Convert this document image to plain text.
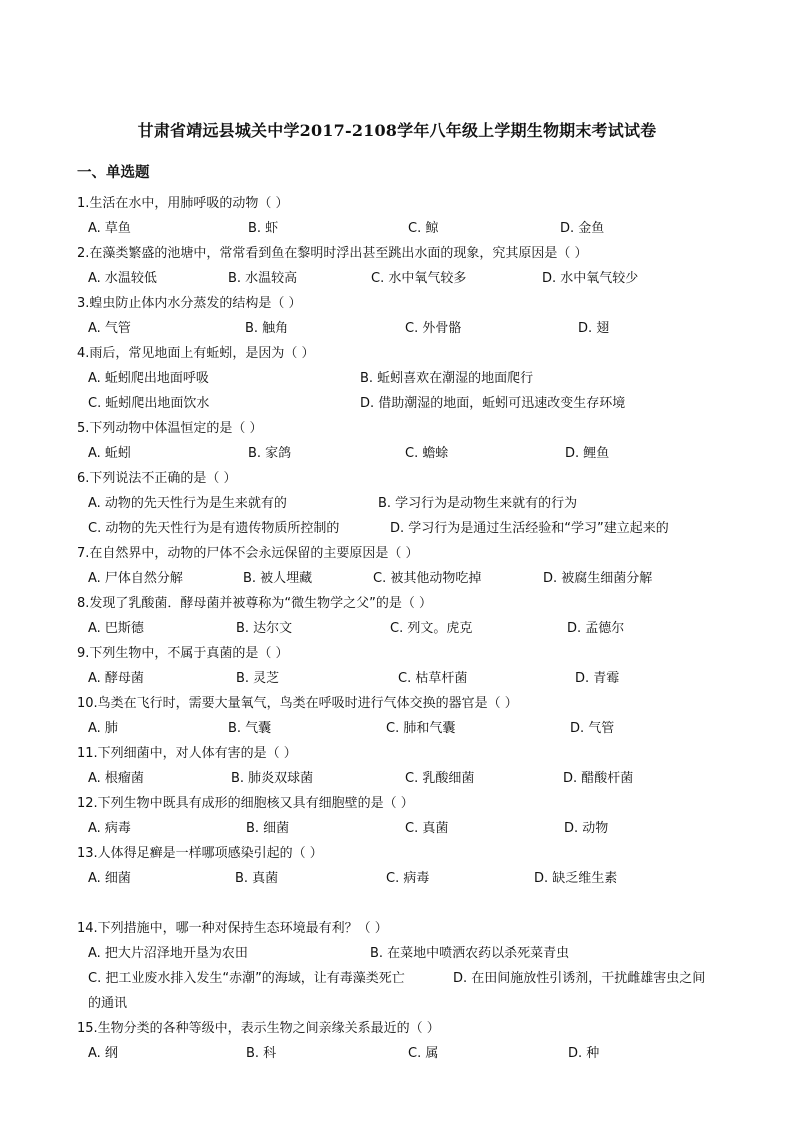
甘肃省靖远县城关中学2017-2108学年八年级上学期生物期末考试试卷
一、单选题
1.生活在水中，用肺呼吸的动物（ ）
A. 草鱼	B. 虾	C. 鲸	D. 金鱼
2.在藻类繁盛的池塘中，常常看到鱼在黎明时浮出甚至跳出水面的现象，究其原因是（ ）
A. 水温较低	B. 水温较高	C. 水中氧气较多	D. 水中氧气较少
3.蝗虫防止体内水分蒸发的结构是（ ）
A. 气管	B. 触角	C. 外骨骼	D. 翅
4.雨后，常见地面上有蚯蚓，是因为（ ）
A. 蚯蚓爬出地面呼吸	B. 蚯蚓喜欢在潮湿的地面爬行
C. 蚯蚓爬出地面饮水	D. 借助潮湿的地面，蚯蚓可迅速改变生存环境
5.下列动物中体温恒定的是（ ）
A. 蚯蚓	B. 家鸽	C. 蟾蜍	D. 鲤鱼
6.下列说法不正确的是（ ）
A. 动物的先天性行为是生来就有的	B. 学习行为是动物生来就有的行为
C. 动物的先天性行为是有遗传物质所控制的	D. 学习行为是通过生活经验和“学习”建立起来的
7.在自然界中，动物的尸体不会永远保留的主要原因是（ ）
A. 尸体自然分解	B. 被人埋藏	C. 被其他动物吃掉	D. 被腐生细菌分解
8.发现了乳酸菌．酵母菌并被尊称为“微生物学之父”的是（ ）
A. 巴斯德	B. 达尔文	C. 列文。虎克	D. 孟德尔
9.下列生物中，不属于真菌的是（ ）
A. 酵母菌	B. 灵芝	C. 枯草杆菌	D. 青霉
10.鸟类在飞行时，需要大量氧气，鸟类在呼吸时进行气体交换的器官是（ ）
A. 肺	B. 气囊	C. 肺和气囊	D. 气管
11.下列细菌中，对人体有害的是（ ）
A. 根瘤菌	B. 肺炎双球菌	C. 乳酸细菌	D. 醋酸杆菌
12.下列生物中既具有成形的细胞核又具有细胞壁的是（ ）
A. 病毒	B. 细菌	C. 真菌	D. 动物
13.人体得足癣是一样哪项感染引起的（ ）
A. 细菌	B. 真菌	C. 病毒	D. 缺乏维生素
14.下列措施中，哪一种对保持生态环境最有利？（ ）
A. 把大片沼泽地开垦为农田	B. 在菜地中喷洒农药以杀死菜青虫
C. 把工业废水排入发生“赤潮”的海域，让有毒藻类死亡	D. 在田间施放性引诱剂，干扰雌雄害虫之间
的通讯
15.生物分类的各种等级中，表示生物之间亲缘关系最近的（ ）
A. 纲	B. 科	C. 属	D. 种
